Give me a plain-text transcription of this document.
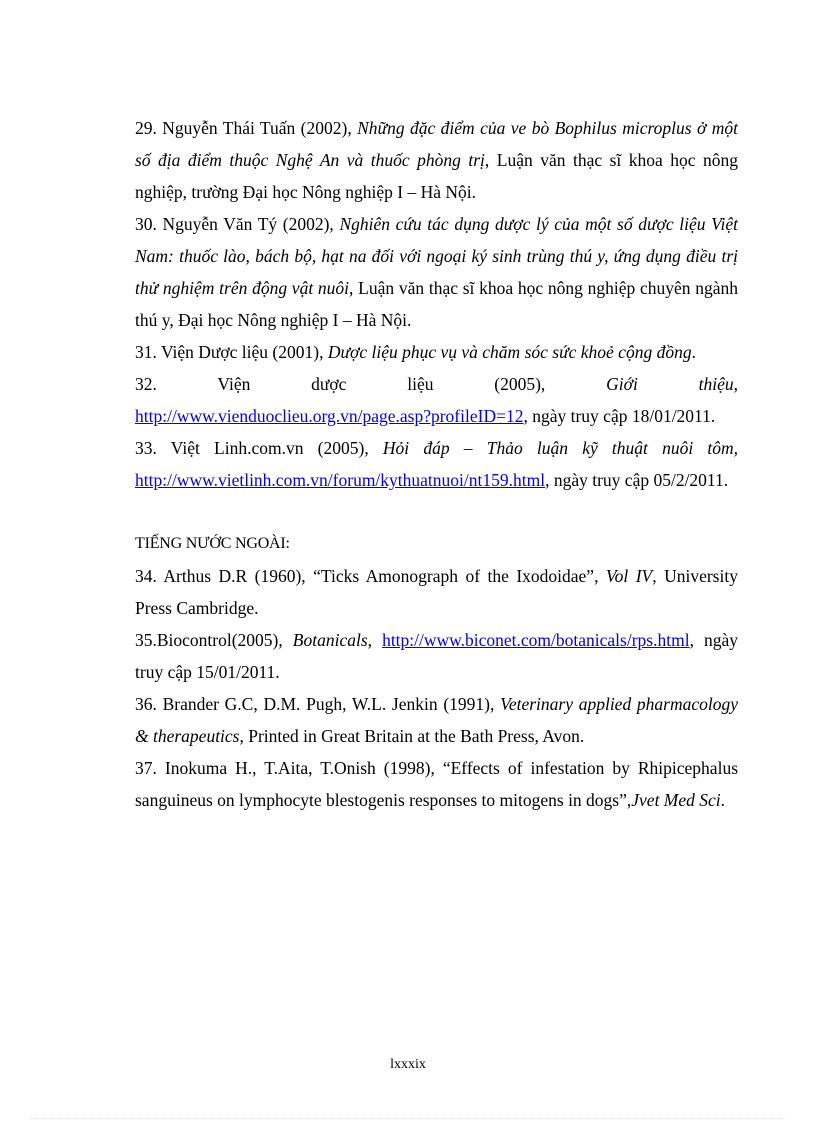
29. Nguyễn Thái Tuấn (2002), Những đặc điểm của ve bò Bophilus microplus ở một số địa điểm thuộc Nghệ An và thuốc phòng trị, Luận văn thạc sĩ khoa học nông nghiệp, trường Đại học Nông nghiệp I – Hà Nội.

30. Nguyễn Văn Tý (2002), Nghiên cứu tác dụng dược lý của một số dược liệu Việt Nam: thuốc lào, bách bộ, hạt na đối với ngoại ký sinh trùng thú y, ứng dụng điều trị thử nghiệm trên động vật nuôi, Luận văn thạc sĩ khoa học nông nghiệp chuyên ngành thú y, Đại học Nông nghiệp I – Hà Nội.

31. Viện Dược liệu (2001), Dược liệu phục vụ và chăm sóc sức khoẻ cộng đồng.

32.	Viện dược liệu (2005), Giới thiệu,

http://www.vienduoclieu.org.vn/page.asp?profileID=12, ngày truy cập 18/01/2011.

33. Việt Linh.com.vn (2005), Hỏi đáp – Thảo luận kỹ thuật nuôi tôm,

http://www.vietlinh.com.vn/forum/kythuatnuoi/nt159.html, ngày truy cập 05/2/2011.

TIẾNG NƯỚC NGOÀI:

34. Arthus D.R (1960), “Ticks Amonograph of the Ixodoidae”, Vol IV, University Press Cambridge.

35.Biocontrol(2005), Botanicals, http://www.biconet.com/botanicals/rps.html, ngày truy cập 15/01/2011.

36. Brander G.C, D.M. Pugh, W.L. Jenkin (1991), Veterinary applied pharmacology & therapeutics, Printed in Great Britain at the Bath Press, Avon.

37. Inokuma H., T.Aita, T.Onish (1998), “Effects of infestation by Rhipicephalus sanguineus on lymphocyte blestogenis responses to mitogens in dogs”,Jvet Med Sci.

lxxxix
